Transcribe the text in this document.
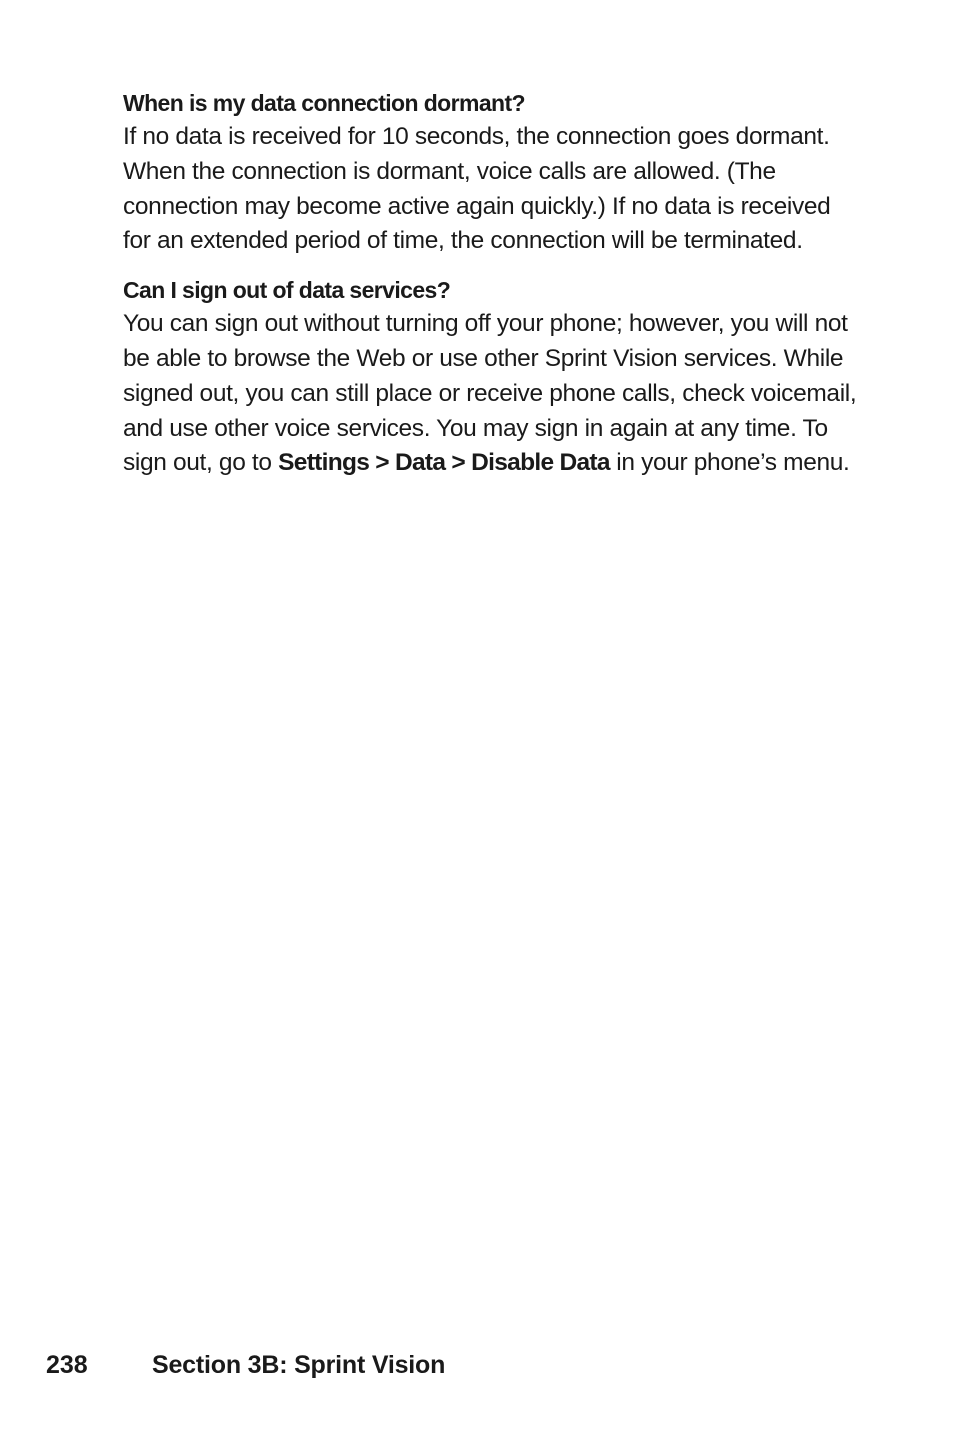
When is my data connection dormant?

If no data is received for 10 seconds, the connection goes dormant. When the connection is dormant, voice calls are allowed. (The connection may become active again quickly.) If no data is received for an extended period of time, the connection will be terminated.

Can I sign out of data services?

You can sign out without turning off your phone; however, you will not be able to browse the Web or use other Sprint Vision services. While signed out, you can still place or receive phone calls, check voicemail, and use other voice services. You may sign in again at any time. To sign out, go to Settings > Data > Disable Data in your phone’s menu.

238	Section 3B: Sprint Vision
